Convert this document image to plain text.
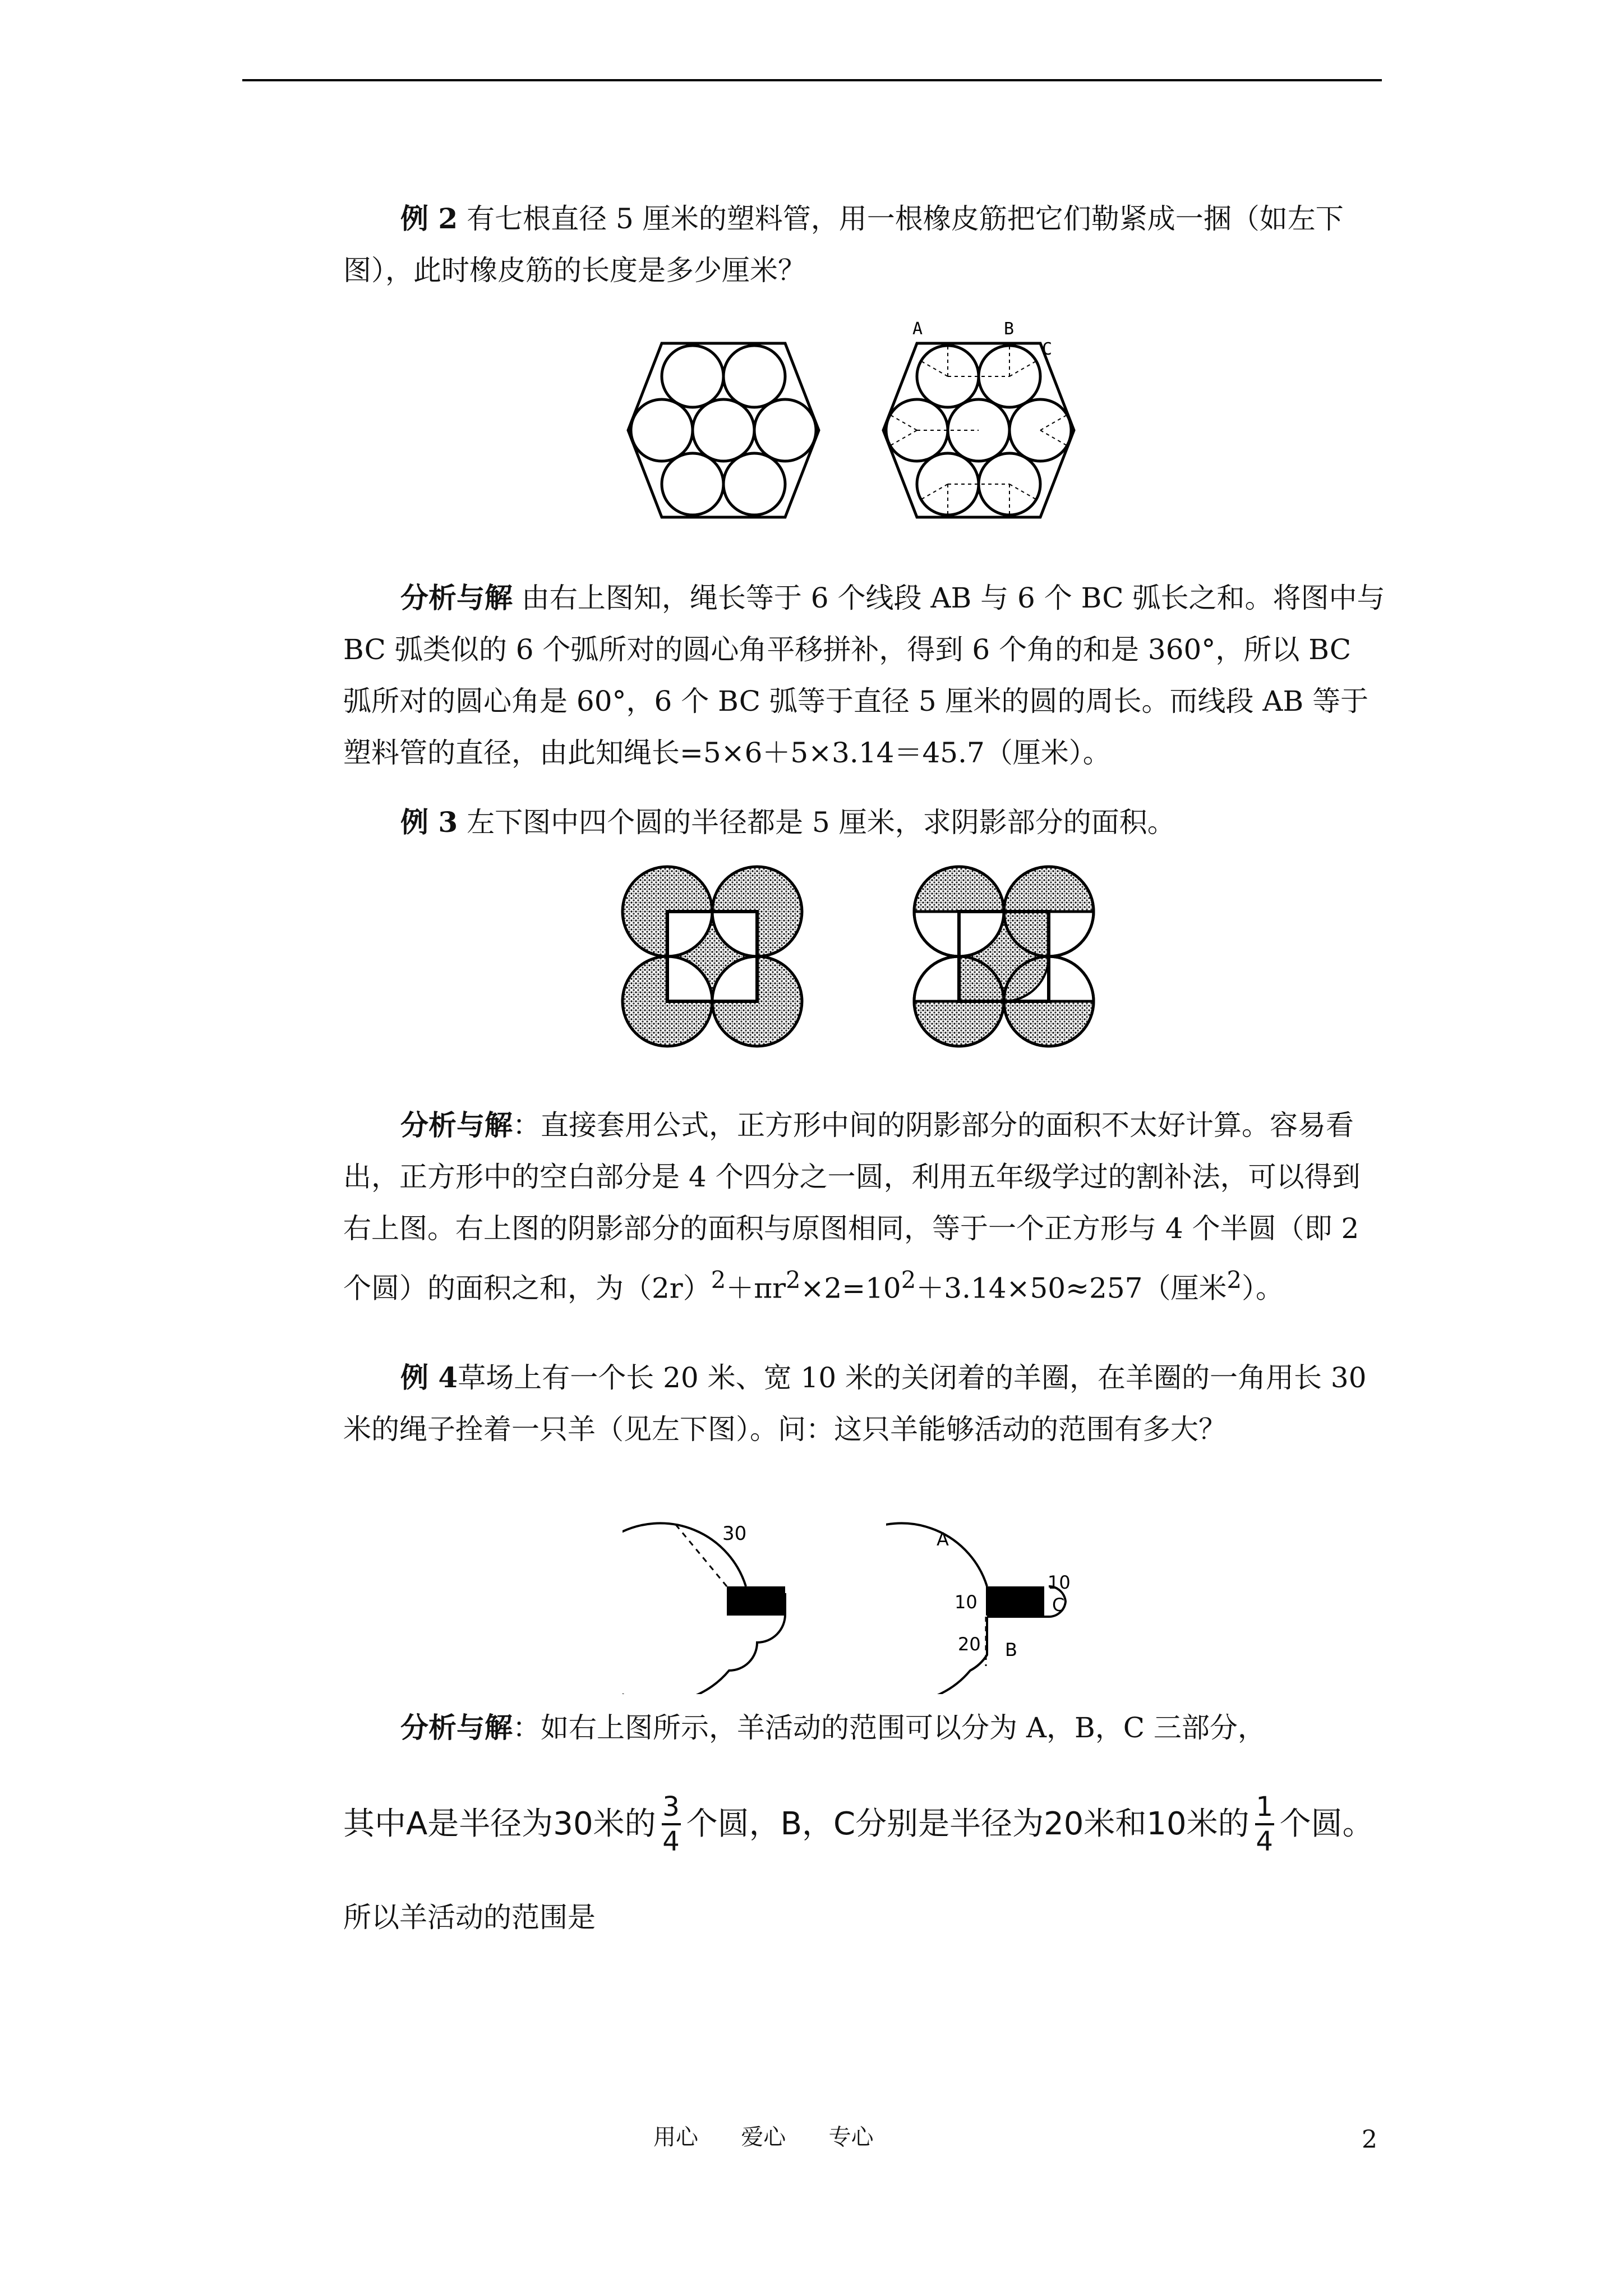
例 2 有七根直径 5 厘米的塑料管，用一根橡皮筋把它们勒紧成一捆（如左下图），此时橡皮筋的长度是多少厘米？

A	B
C

分析与解 由右上图知，绳长等于 6 个线段 AB 与 6 个 BC 弧长之和。将图中与 BC 弧类似的 6 个弧所对的圆心角平移拼补，得到 6 个角的和是 360°，所以 BC 弧所对的圆心角是 60°，6 个 BC 弧等于直径 5 厘米的圆的周长。而线段 AB 等于塑料管的直径，由此知绳长=5×6＋5×3.14＝45.7（厘米）。

例 3 左下图中四个圆的半径都是 5 厘米，求阴影部分的面积。

分析与解：直接套用公式，正方形中间的阴影部分的面积不太好计算。容易看出，正方形中的空白部分是 4 个四分之一圆，利用五年级学过的割补法，可以得到右上图。右上图的阴影部分的面积与原图相同，等于一个正方形与 4 个半圆（即 2 个圆）的面积之和，为$(2r)^2+\pi r^2\times 2=10^2+3.14\times 50\approx 257$（厘米$^2$）。

例 4草场上有一个长 20 米、宽 10 米的关闭着的羊圈，在羊圈的一角用长 30 米的绳子拴着一只羊（见左下图）。问：这只羊能够活动的范围有多大？

30	A
10
10
C
20 B

分析与解：如右上图所示，羊活动的范围可以分为 A，B，C 三部分，

其中A是半径为30米的 $\frac{3}{4}$ 个圆，B，C分别是半径为20米和10米的 $\frac{1}{4}$ 个圆。
所以羊活动的范围是
用心      爱心      专心	2
